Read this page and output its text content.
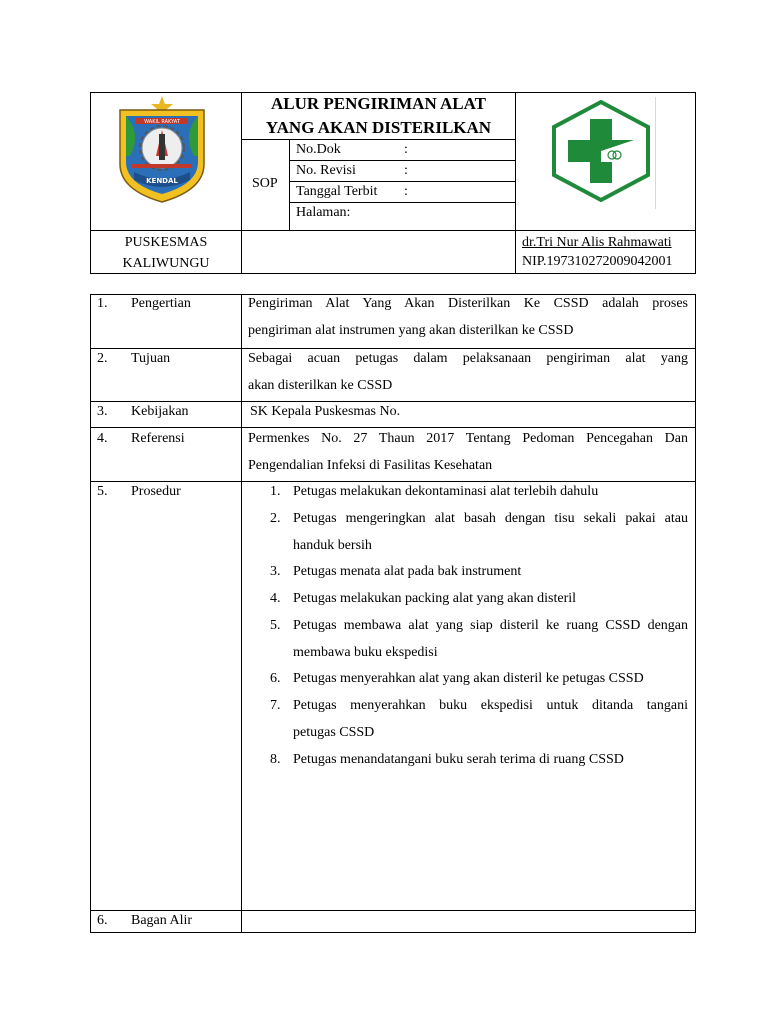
WAKIL RAKYAT
KENDAL
ALUR PENGIRIMAN ALAT
YANG AKAN DISTERILKAN
SOP
No.Dok	:
No. Revisi	:
Tanggal Terbit :
Halaman:
PUSKESMAS
KALIWUNGU
dr.Tri Nur Alis Rahmawati
NIP.197310272009042001
1. Pengertian
2. Tujuan
3. Kebijakan
4. Referensi
5. Prosedur
6. Bagan Alir
Pengiriman Alat Yang Akan Disterilkan Ke CSSD adalah proses
pengiriman alat instrumen yang akan disterilkan ke CSSD
Sebagai acuan petugas dalam pelaksanaan pengiriman alat yang
akan disterilkan ke CSSD
SK Kepala Puskesmas No.
Permenkes No. 27 Thaun 2017 Tentang Pedoman Pencegahan Dan
Pengendalian Infeksi di Fasilitas Kesehatan
1. Petugas melakukan dekontaminasi alat terlebih dahulu
2. Petugas mengeringkan alat basah dengan tisu sekali pakai atau
handuk bersih
3. Petugas menata alat pada bak instrument
4. Petugas melakukan packing alat yang akan disteril
5. Petugas membawa alat yang siap disteril ke ruang CSSD dengan
membawa buku ekspedisi
6. Petugas menyerahkan alat yang akan disteril ke petugas CSSD
7. Petugas menyerahkan buku ekspedisi untuk ditanda tangani
petugas CSSD
8. Petugas menandatangani buku serah terima di ruang CSSD
